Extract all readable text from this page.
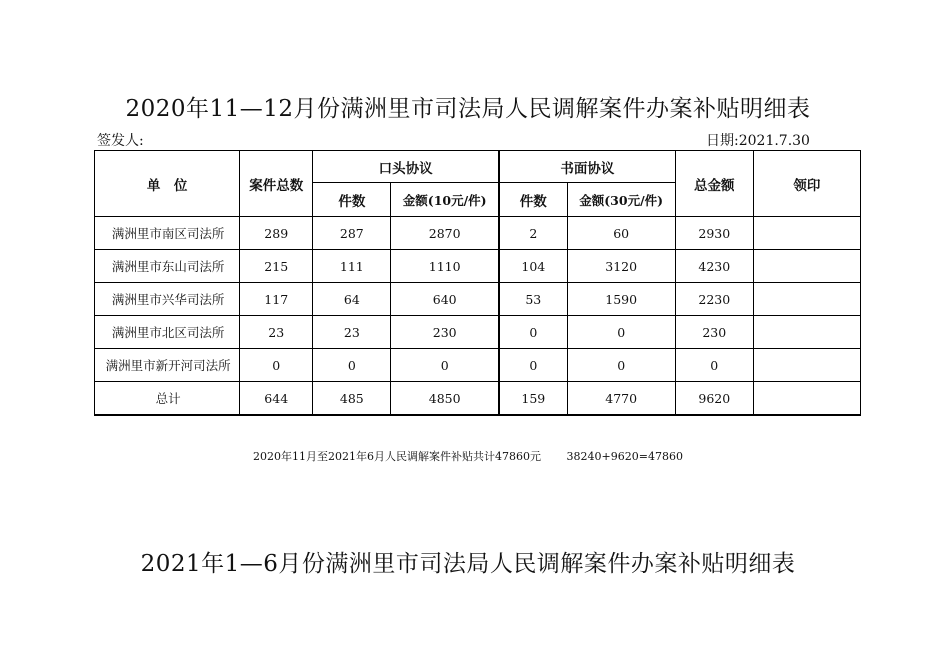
2020年11—12月份满洲里市司法局人民调解案件办案补贴明细表
签发人:	日期:2021.7.30
单　位	案件总数	口头协议		书面协议		总金额	领印
		件数	金额(10元/件)	件数	金额(30元/件)		
满洲里市南区司法所	289	287	2870	2	60	2930	
满洲里市东山司法所	215	111	1110	104	3120	4230	
满洲里市兴华司法所	117	64	640	53	1590	2230	
满洲里市北区司法所	23	23	230	0	0	230	
满洲里市新开河司法所	0	0	0	0	0	0	
总计	644	485	4850	159	4770	9620	
2020年11月至2021年6月人民调解案件补贴共计47860元 38240+9620=47860
2021年1—6月份满洲里市司法局人民调解案件办案补贴明细表
